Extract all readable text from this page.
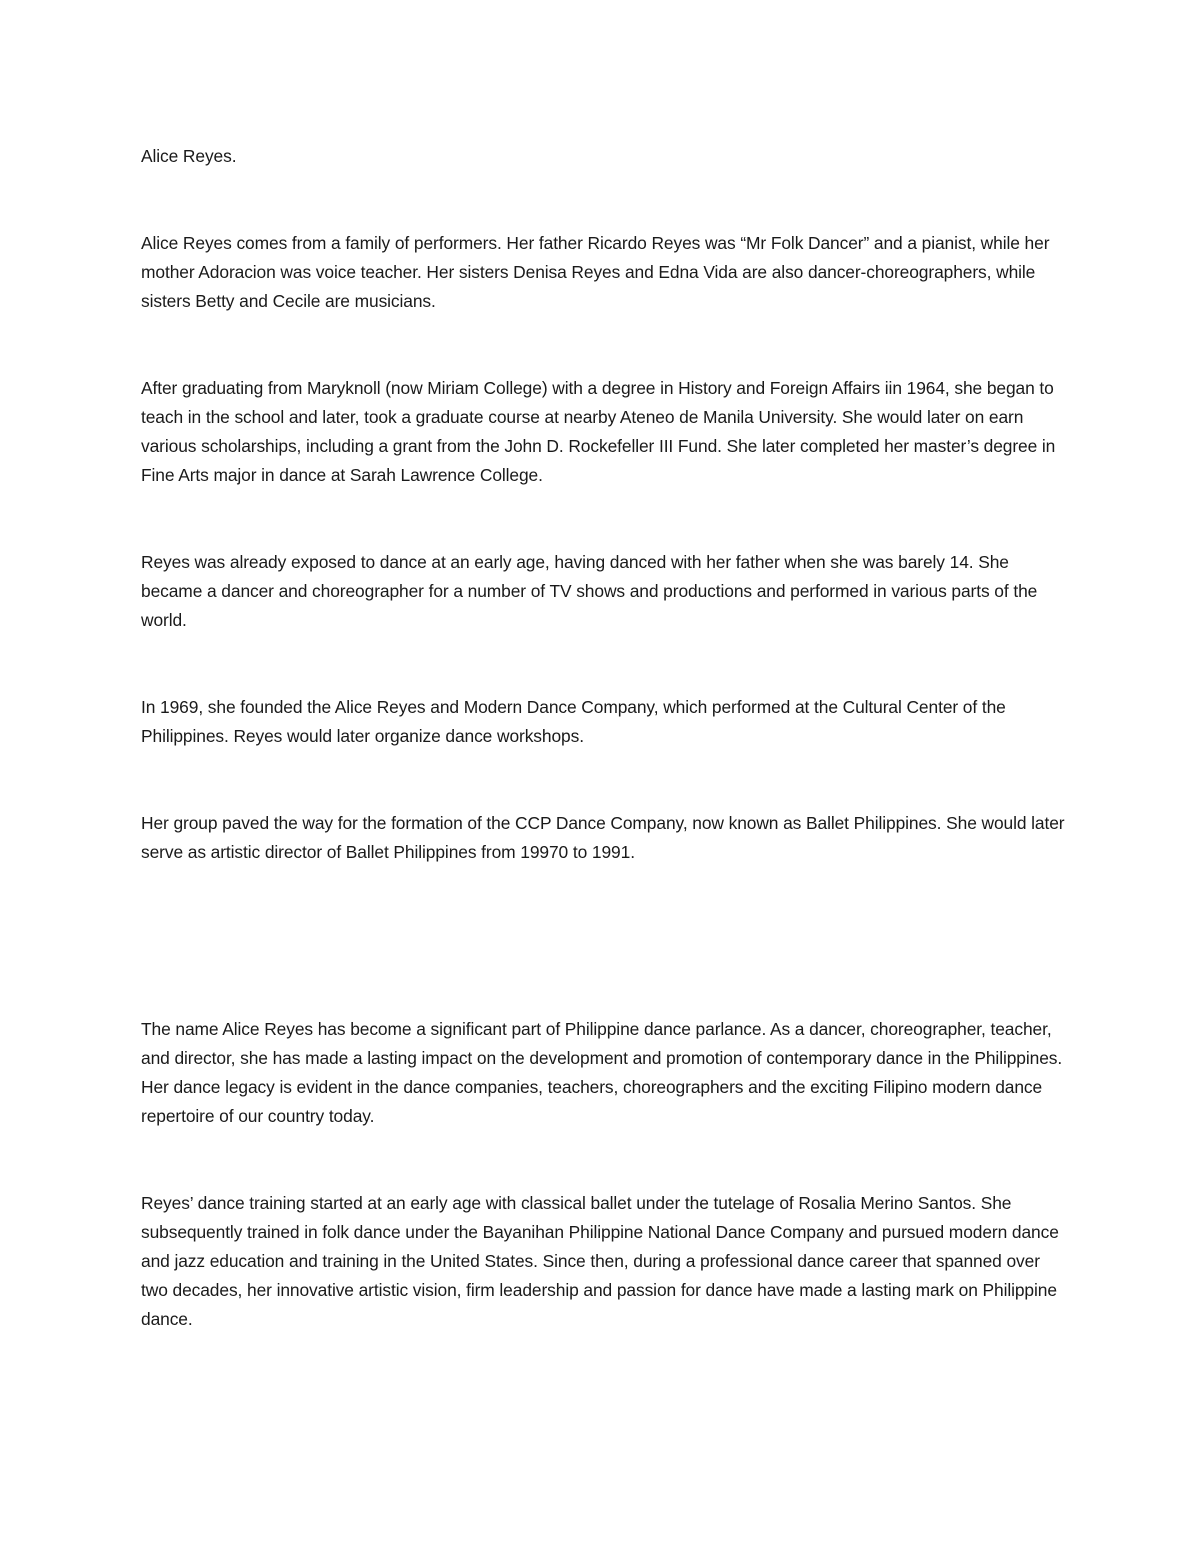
Alice Reyes.

Alice Reyes comes from a family of performers. Her father Ricardo Reyes was “Mr Folk Dancer” and a pianist, while her mother Adoracion was voice teacher. Her sisters Denisa Reyes and Edna Vida are also dancer-choreographers, while sisters Betty and Cecile are musicians.

After graduating from Maryknoll (now Miriam College) with a degree in History and Foreign Affairs iin 1964, she began to teach in the school and later, took a graduate course at nearby Ateneo de Manila University. She would later on earn various scholarships, including a grant from the John D. Rockefeller III Fund. She later completed her master’s degree in Fine Arts major in dance at Sarah Lawrence College.

Reyes was already exposed to dance at an early age, having danced with her father when she was barely 14. She became a dancer and choreographer for a number of TV shows and productions and performed in various parts of the world.

In 1969, she founded the Alice Reyes and Modern Dance Company, which performed at the Cultural Center of the Philippines. Reyes would later organize dance workshops.

Her group paved the way for the formation of the CCP Dance Company, now known as Ballet Philippines. She would later serve as artistic director of Ballet Philippines from 19970 to 1991.

The name Alice Reyes has become a significant part of Philippine dance parlance. As a dancer, choreographer, teacher, and director, she has made a lasting impact on the development and promotion of contemporary dance in the Philippines. Her dance legacy is evident in the dance companies, teachers, choreographers and the exciting Filipino modern dance repertoire of our country today.

Reyes’ dance training started at an early age with classical ballet under the tutelage of Rosalia Merino Santos. She subsequently trained in folk dance under the Bayanihan Philippine National Dance Company and pursued modern dance and jazz education and training in the United States. Since then, during a professional dance career that spanned over two decades, her innovative artistic vision, firm leadership and passion for dance have made a lasting mark on Philippine dance.
